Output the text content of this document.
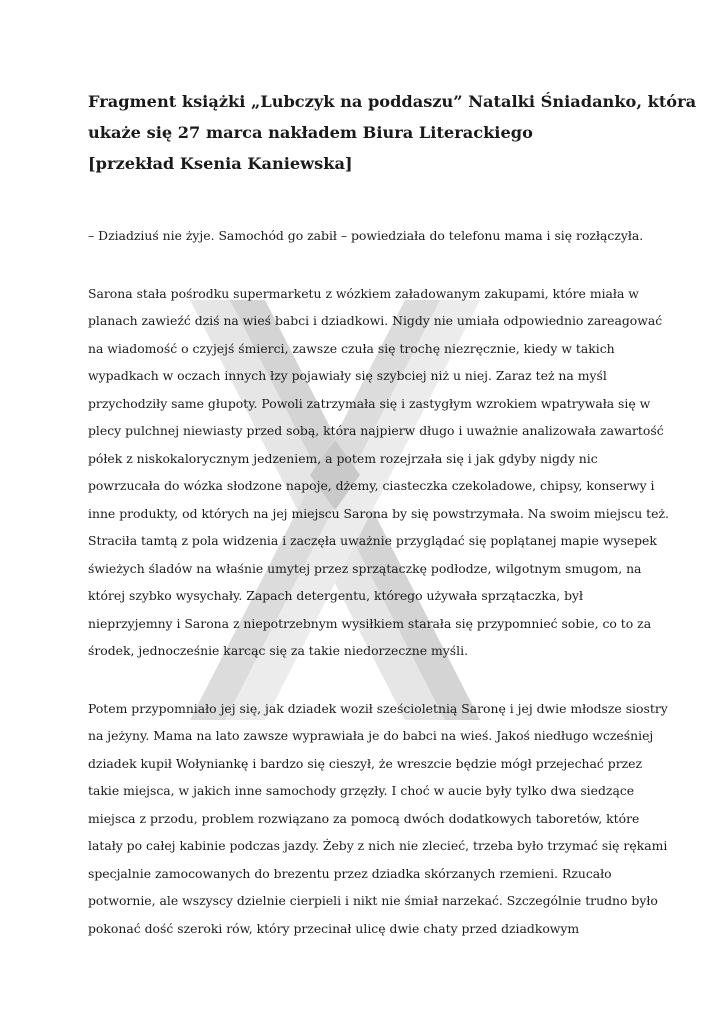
Fragment książki „Lubczyk na poddaszu” Natalki Śniadanko, która

ukaże się 27 marca nakładem Biura Literackiego

[przekład Ksenia Kaniewska]

– Dziadziuś nie żyje. Samochód go zabił – powiedziała do telefonu mama i się rozłączyła.

Sarona stała pośrodku supermarketu z wózkiem załadowanym zakupami, które miała w

planach zawieźć dziś na wieś babci i dziadkowi. Nigdy nie umiała odpowiednio zareagować

na wiadomość o czyjejś śmierci, zawsze czuła się trochę niezręcznie, kiedy w takich

wypadkach w oczach innych łzy pojawiały się szybciej niż u niej. Zaraz też na myśl

przychodziły same głupoty. Powoli zatrzymała się i zastygłym wzrokiem wpatrywała się w

plecy pulchnej niewiasty przed sobą, która najpierw długo i uważnie analizowała zawartość

półek z niskokalorycznym jedzeniem, a potem rozejrzała się i jak gdyby nigdy nic

powrzucała do wózka słodzone napoje, dżemy, ciasteczka czekoladowe, chipsy, konserwy i

inne produkty, od których na jej miejscu Sarona by się powstrzymała. Na swoim miejscu też.

Straciła tamtą z pola widzenia i zaczęła uważnie przyglądać się poplątanej mapie wysepek

świeżych śladów na właśnie umytej przez sprzątaczkę podłodze, wilgotnym smugom, na

której szybko wysychały. Zapach detergentu, którego używała sprzątaczka, był

nieprzyjemny i Sarona z niepotrzebnym wysiłkiem starała się przypomnieć sobie, co to za

środek, jednocześnie karcąc się za takie niedorzeczne myśli.

Potem przypomniało jej się, jak dziadek woził sześcioletnią Saronę i jej dwie młodsze siostry

na jeżyny. Mama na lato zawsze wyprawiała je do babci na wieś. Jakoś niedługo wcześniej

dziadek kupił Wołyniankę i bardzo się cieszył, że wreszcie będzie mógł przejechać przez

takie miejsca, w jakich inne samochody grzęzły. I choć w aucie były tylko dwa siedzące

miejsca z przodu, problem rozwiązano za pomocą dwóch dodatkowych taboretów, które

latały po całej kabinie podczas jazdy. Żeby z nich nie zlecieć, trzeba było trzymać się rękami

specjalnie zamocowanych do brezentu przez dziadka skórzanych rzemieni. Rzucało

potwornie, ale wszyscy dzielnie cierpieli i nikt nie śmiał narzekać. Szczególnie trudno było

pokonać dość szeroki rów, który przecinał ulicę dwie chaty przed dziadkowym
